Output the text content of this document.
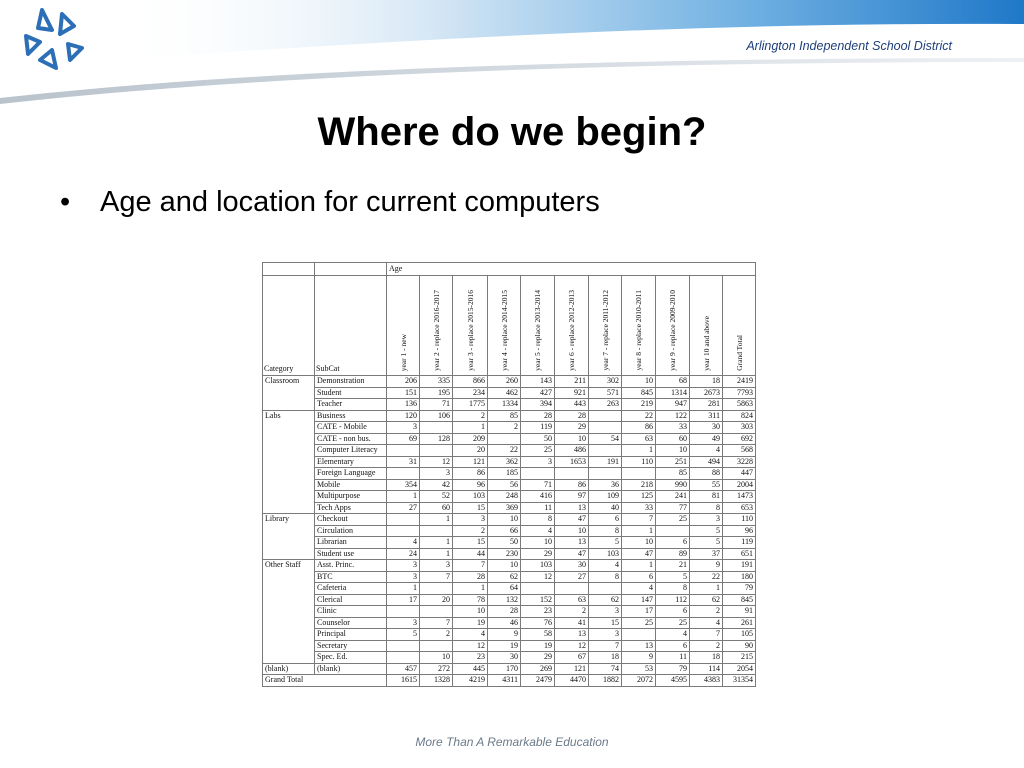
Arlington Independent School District
Where do we begin?
• Age and location for current computers
		Age										
Category	SubCat	year 1 - new	year 2 - replace 2016-2017	year 3 - replace 2015-2016	year 4 - replace 2014-2015	year 5 - replace 2013-2014	year 6 - replace 2012-2013	year 7 - replace 2011-2012	year 8 - replace 2010-2011	year 9 - replace 2009-2010	year 10 and above	Grand Total
Classroom	Demonstration	206	335	866	260	143	211	302	10	68	18	2419
	Student	151	195	234	462	427	921	571	845	1314	2673	7793
	Teacher	136	71	1775	1334	394	443	263	219	947	281	5863
Labs	Business	120	106	2	85	28	28		22	122	311	824
	CATE - Mobile	3		1	2	119	29		86	33	30	303
	CATE - non bus.	69	128	209		50	10	54	63	60	49	692
	Computer Literacy			20	22	25	486		1	10	4	568
	Elementary	31	12	121	362	3	1653	191	110	251	494	3228
	Foreign Language		3	86	185					85	88	447
	Mobile	354	42	96	56	71	86	36	218	990	55	2004
	Multipurpose	1	52	103	248	416	97	109	125	241	81	1473
	Tech Apps	27	60	15	369	11	13	40	33	77	8	653
Library	Checkout		1	3	10	8	47	6	7	25	3	110
	Circulation			2	66	4	10	8	1		5	96
	Librarian	4	1	15	50	10	13	5	10	6	5	119
	Student use	24	1	44	230	29	47	103	47	89	37	651
Other Staff	Asst. Princ.	3	3	7	10	103	30	4	1	21	9	191
	BTC	3	7	28	62	12	27	8	6	5	22	180
	Cafeteria	1		1	64				4	8	1	79
	Clerical	17	20	78	132	152	63	62	147	112	62	845
	Clinic			10	28	23	2	3	17	6	2	91
	Counselor	3	7	19	46	76	41	15	25	25	4	261
	Principal	5	2	4	9	58	13	3		4	7	105
	Secretary			12	19	19	12	7	13	6	2	90
	Spec. Ed.		10	23	30	29	67	18	9	11	18	215
(blank)	(blank)	457	272	445	170	269	121	74	53	79	114	2054
Grand Total		1615	1328	4219	4311	2479	4470	1882	2072	4595	4383	31354
More Than A Remarkable Education
